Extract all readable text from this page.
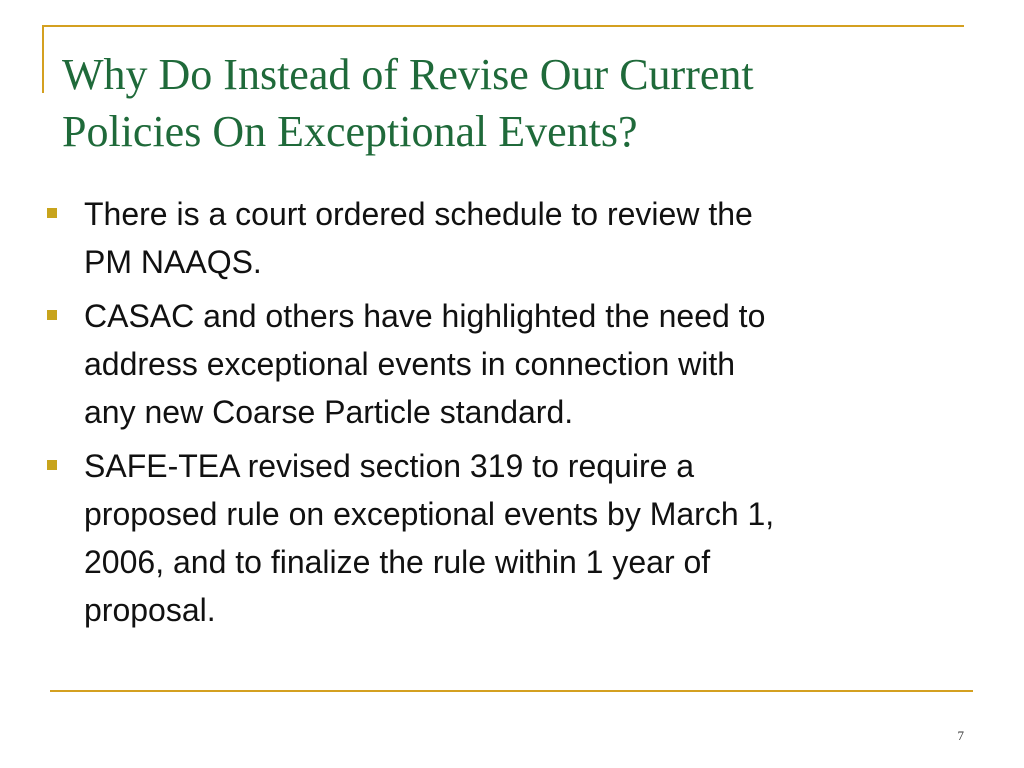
Why Do Instead of Revise Our Current
Policies On Exceptional Events?
There is a court ordered schedule to review the
PM NAAQS.
CASAC and others have highlighted the need to
address exceptional events in connection with
any new Coarse Particle standard.
SAFE-TEA revised section 319 to require a
proposed rule on exceptional events by March 1,
2006, and to finalize the rule within 1 year of
proposal.
7
